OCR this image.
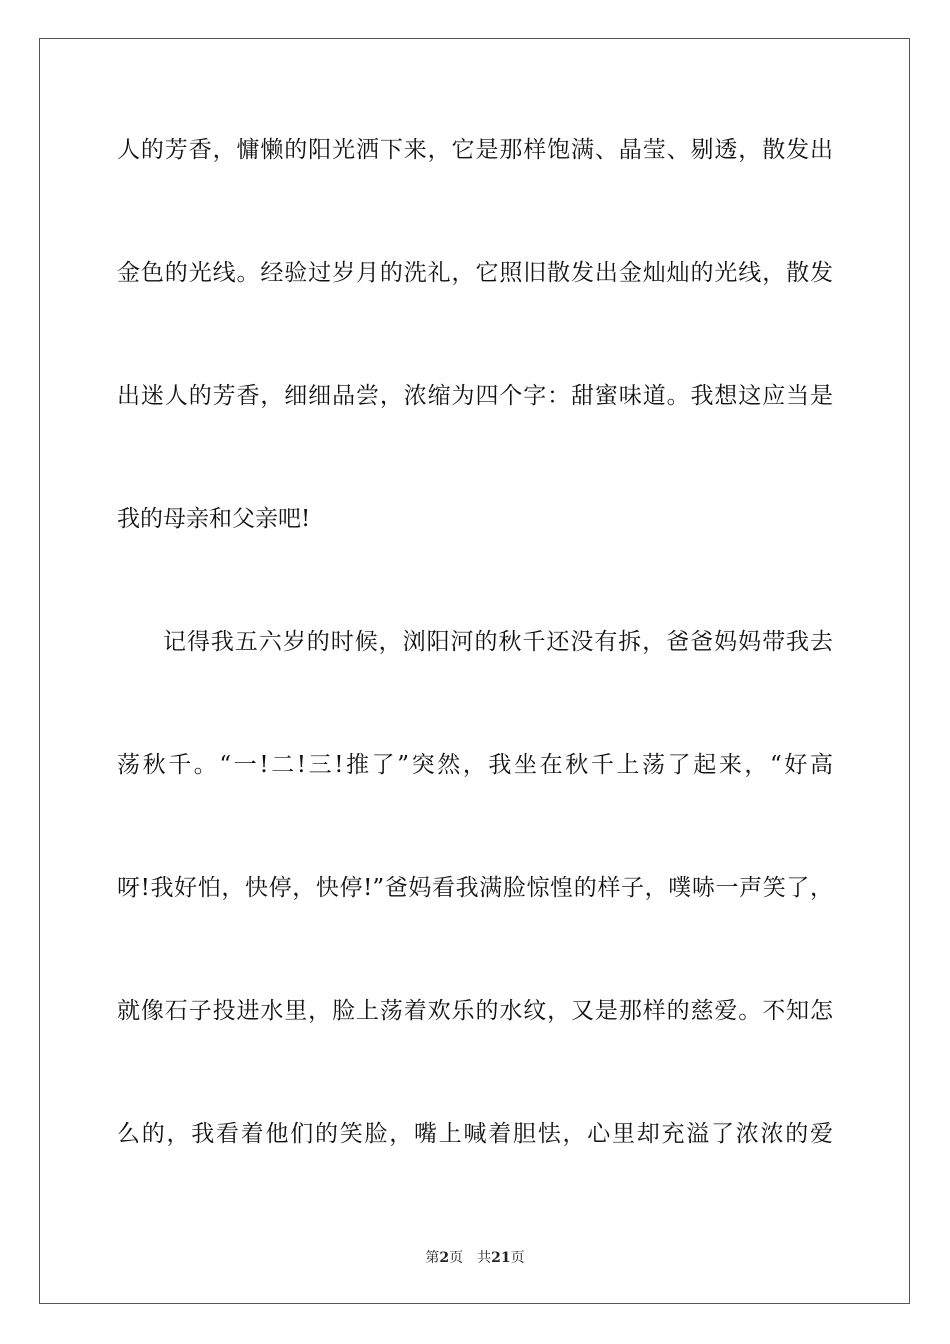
人的芳香，慵懒的阳光洒下来，它是那样饱满、晶莹、剔透，散发出
金色的光线。经验过岁月的洗礼，它照旧散发出金灿灿的光线，散发
出迷人的芳香，细细品尝，浓缩为四个字：甜蜜味道。我想这应当是
我的母亲和父亲吧!
记得我五六岁的时候，浏阳河的秋千还没有拆，爸爸妈妈带我去
荡秋千。“一!二!三!推了”突然，我坐在秋千上荡了起来，“好高
呀!我好怕，快停，快停!”爸妈看我满脸惊惶的样子，噗哧一声笑了，
就像石子投进水里，脸上荡着欢乐的水纹，又是那样的慈爱。不知怎
么的，我看着他们的笑脸，嘴上喊着胆怯，心里却充溢了浓浓的爱
第2页 共21页
